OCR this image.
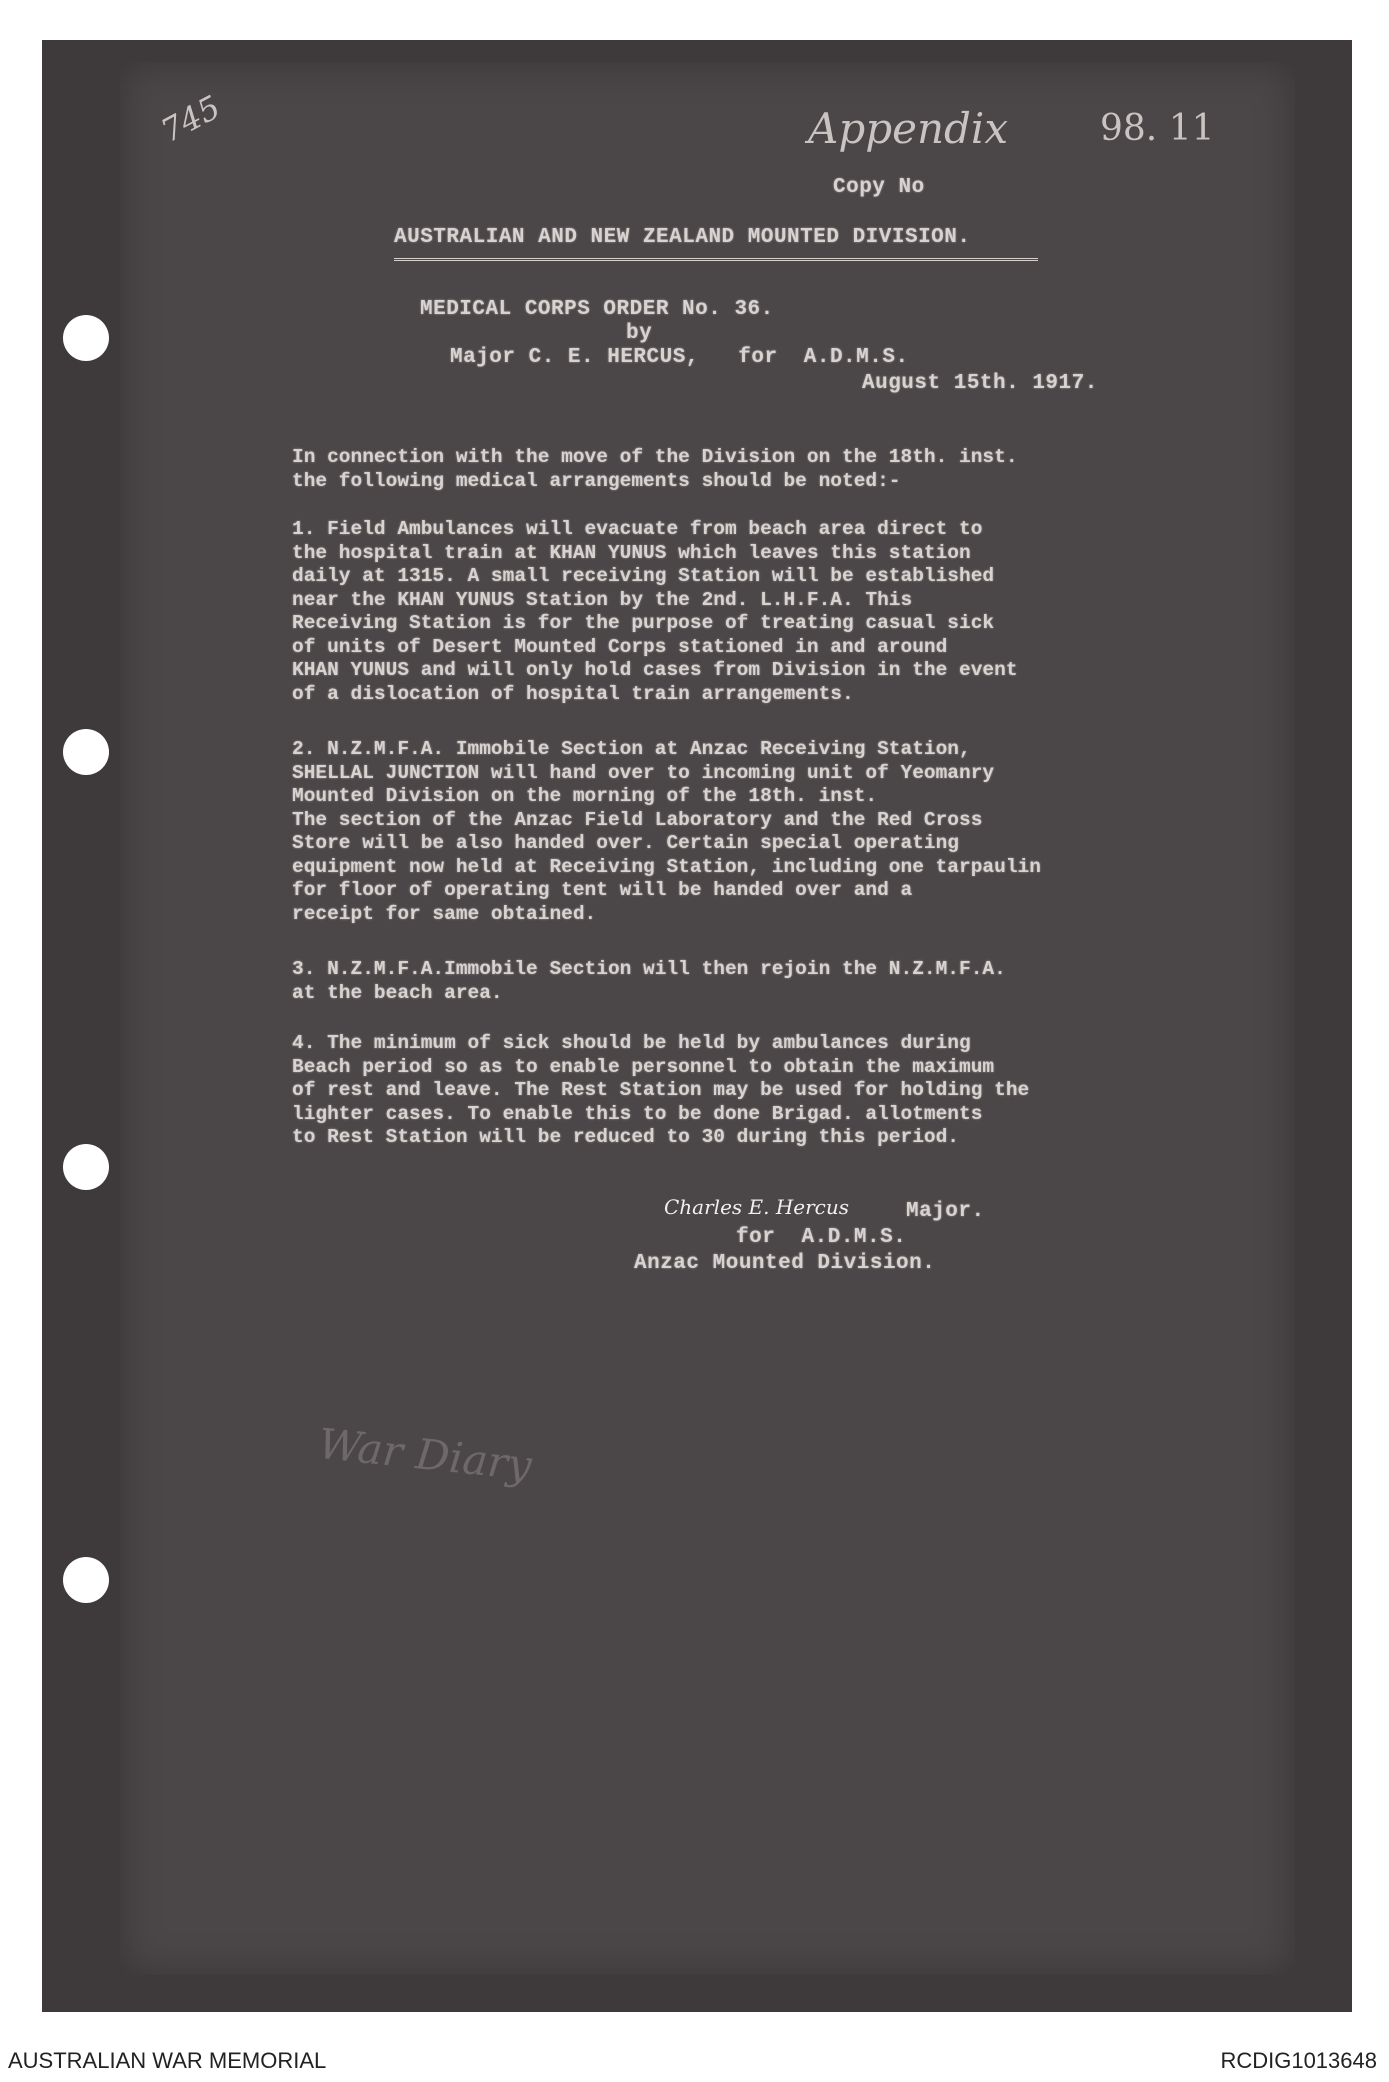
745	Appendix	98. 11
Copy No
AUSTRALIAN AND NEW ZEALAND MOUNTED DIVISION.
MEDICAL CORPS ORDER No. 36.
by
Major C. E. HERCUS,   for  A.D.M.S.
August 15th. 1917.
In connection with the move of the Division on the 18th. inst.
the following medical arrangements should be noted:-
1. Field Ambulances will evacuate from beach area direct to
the hospital train at KHAN YUNUS which leaves this station
daily at 1315. A small receiving Station will be established
near the KHAN YUNUS Station by the 2nd. L.H.F.A. This
Receiving Station is for the purpose of treating casual sick
of units of Desert Mounted Corps stationed in and around
KHAN YUNUS and will only hold cases from Division in the event
of a dislocation of hospital train arrangements.
2. N.Z.M.F.A. Immobile Section at Anzac Receiving Station,
SHELLAL JUNCTION will hand over to incoming unit of Yeomanry
Mounted Division on the morning of the 18th. inst.
The section of the Anzac Field Laboratory and the Red Cross
Store will be also handed over. Certain special operating
equipment now held at Receiving Station, including one tarpaulin
for floor of operating tent will be handed over and a
receipt for same obtained.
3. N.Z.M.F.A.Immobile Section will then rejoin the N.Z.M.F.A.
at the beach area.
4. The minimum of sick should be held by ambulances during
Beach period so as to enable personnel to obtain the maximum
of rest and leave. The Rest Station may be used for holding the
lighter cases. To enable this to be done Brigad. allotments
to Rest Station will be reduced to 30 during this period.
Charles E. Hercus	Major.
for  A.D.M.S.
Anzac Mounted Division.
War Diary
AUSTRALIAN WAR MEMORIAL	RCDIG1013648
